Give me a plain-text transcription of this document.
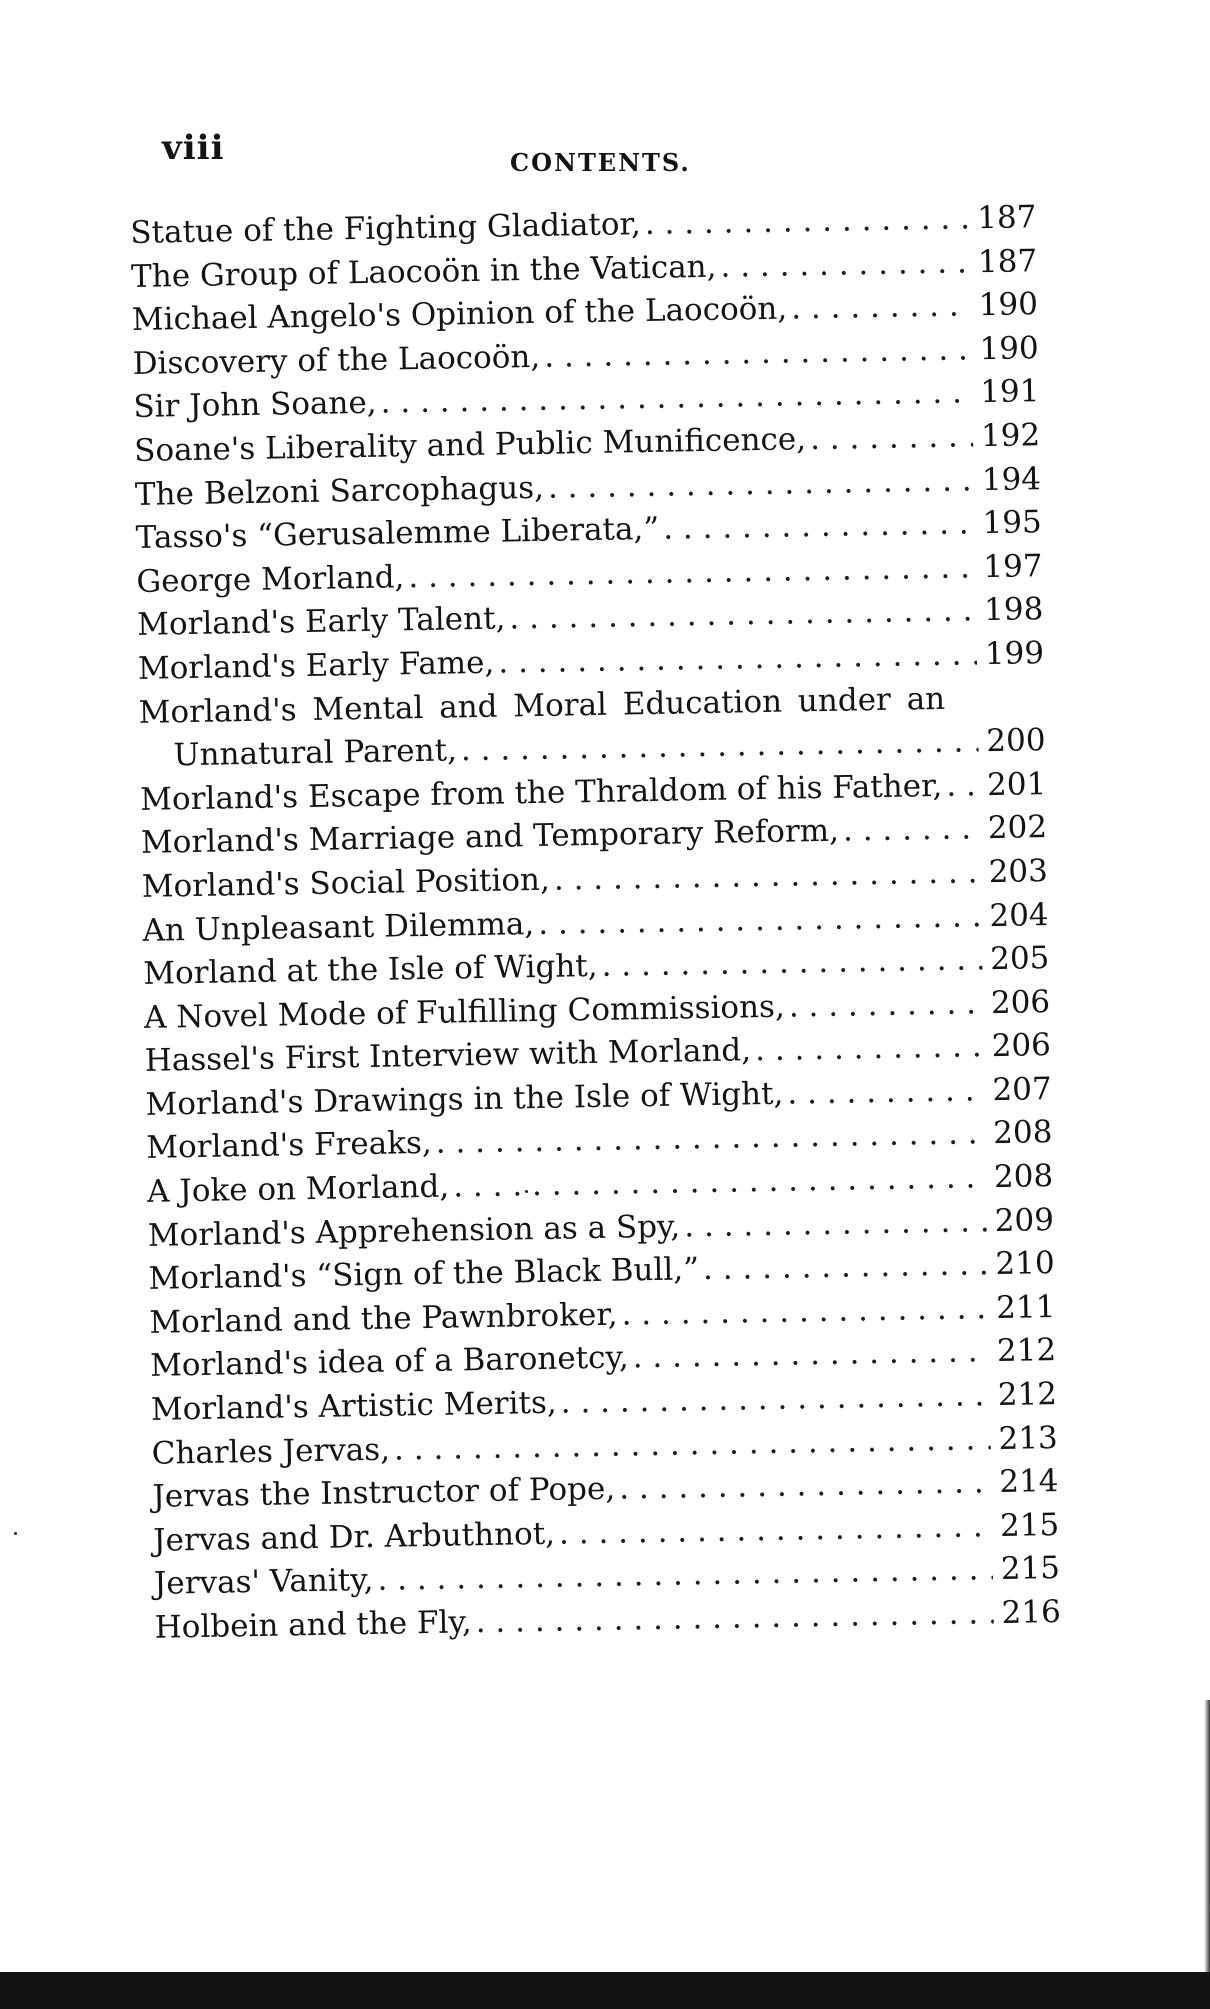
viii	CONTENTS.
Statue of the Fighting Gladiator, . . .	187
The Group of Laocoön in the Vatican, . . .	187
Michael Angelo's Opinion of the Laocoön, . . .	190
Discovery of the Laocoön, . . .	190
Sir John Soane, . . .	191
Soane's Liberality and Public Munificence, . . .	192
The Belzoni Sarcophagus, . . .	194
Tasso's “Gerusalemme Liberata,” . . .	195
George Morland, . . .	197
Morland's Early Talent, . . .	198
Morland's Early Fame, . . .	199
Morland's Mental and Moral Education under an
Unnatural Parent, . . .	200
Morland's Escape from the Thraldom of his Father, . . . 201
Morland's Marriage and Temporary Reform, . . .	202
Morland's Social Position, . . .	203
An Unpleasant Dilemma, . . .	204
Morland at the Isle of Wight, . . .	205
A Novel Mode of Fulfilling Commissions, . . .	206
Hassel's First Interview with Morland, . . .	206
Morland's Drawings in the Isle of Wight, . . .	207
Morland's Freaks, . . .	208
A Joke on Morland, . . .	208
Morland's Apprehension as a Spy, . . .	209
Morland's “Sign of the Black Bull,” . . .	210
Morland and the Pawnbroker, . . .	211
Morland's idea of a Baronetcy, . . .	212
Morland's Artistic Merits, . . .	212
Charles Jervas, . . .	213
Jervas the Instructor of Pope, . . .	214
Jervas and Dr. Arbuthnot, . . .	215
Jervas' Vanity, . . .	215
Holbein and the Fly, . . .	216
